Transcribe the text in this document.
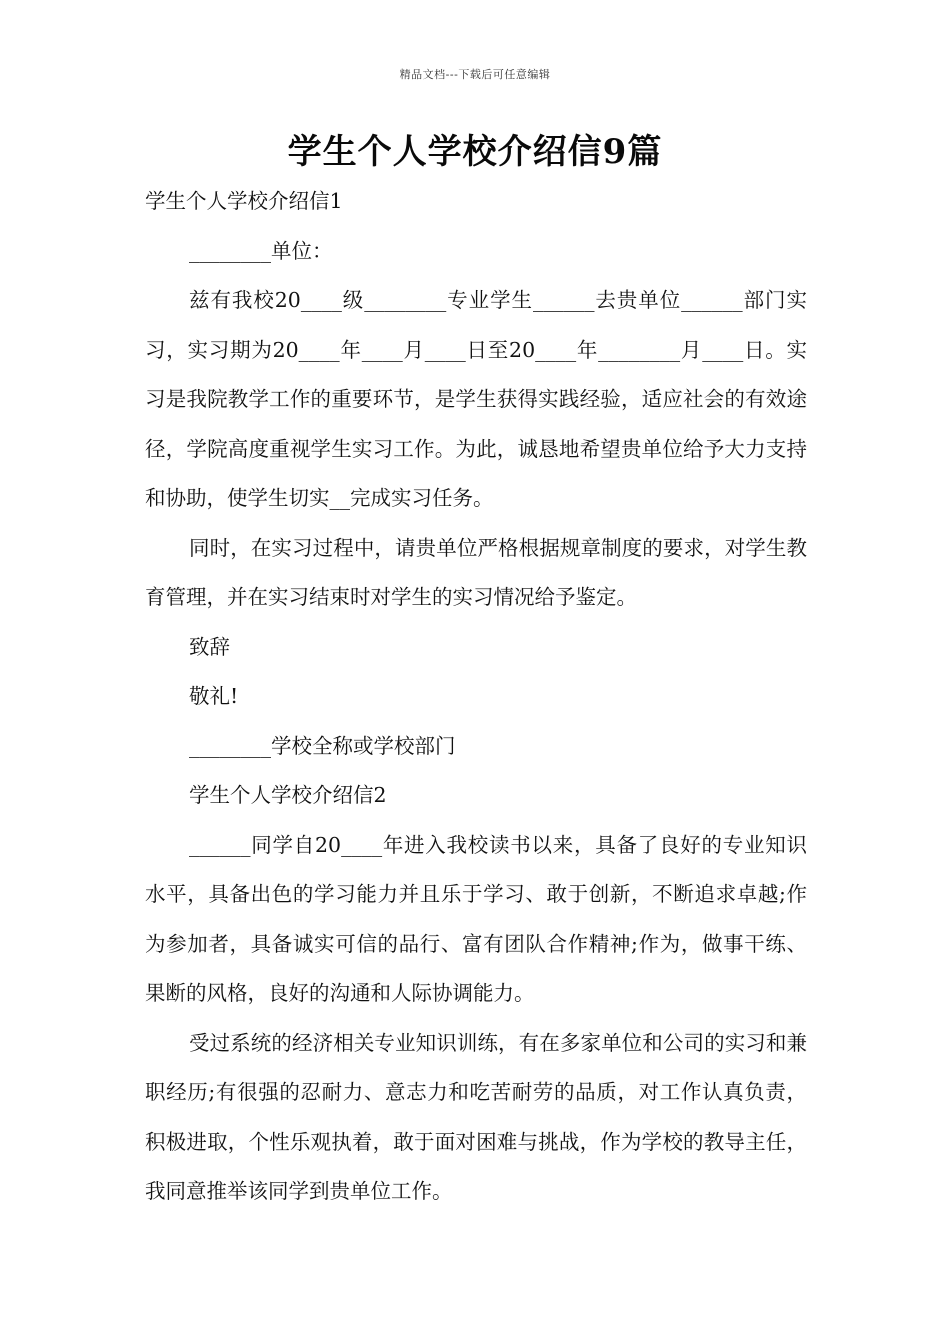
精品文档---下载后可任意编辑
学生个人学校介绍信9篇

学生个人学校介绍信1

________单位：

兹有我校20____级________专业学生______去贵单位______部门实习，实习期为20____年____月____日至20____年________月____日。实习是我院教学工作的重要环节，是学生获得实践经验，适应社会的有效途径，学院高度重视学生实习工作。为此，诚恳地希望贵单位给予大力支持和协助，使学生切实__完成实习任务。

同时，在实习过程中，请贵单位严格根据规章制度的要求，对学生教育管理，并在实习结束时对学生的实习情况给予鉴定。

致辞

敬礼!

________学校全称或学校部门

学生个人学校介绍信2

______同学自20____年进入我校读书以来，具备了良好的专业知识水平，具备出色的学习能力并且乐于学习、敢于创新，不断追求卓越;作为参加者，具备诚实可信的品行、富有团队合作精神;作为，做事干练、果断的风格，良好的沟通和人际协调能力。

受过系统的经济相关专业知识训练，有在多家单位和公司的实习和兼职经历;有很强的忍耐力、意志力和吃苦耐劳的品质，对工作认真负责，积极进取，个性乐观执着，敢于面对困难与挑战，作为学校的教导主任，我同意推举该同学到贵单位工作。
